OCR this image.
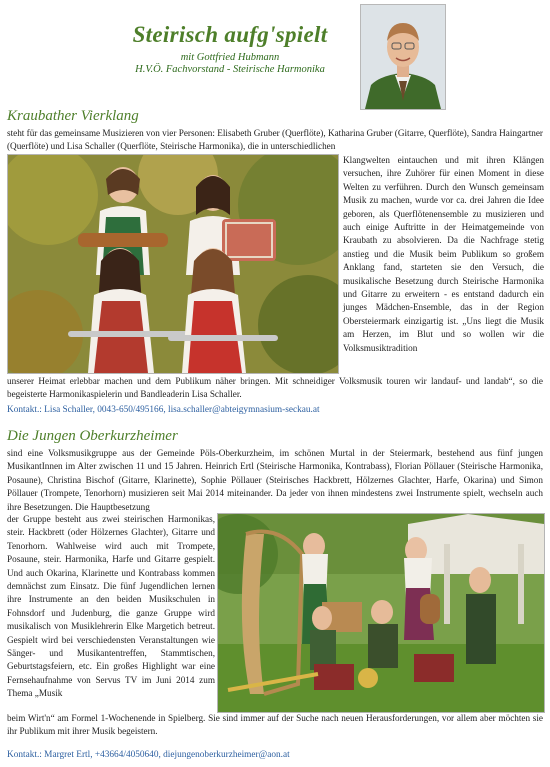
Steirisch aufg'spielt
mit Gottfried Hubmann
H.V.Ö. Fachvorstand - Steirische Harmonika
Kraubather Vierklang

steht für das gemeinsame Musizieren von vier Personen: Elisabeth Gruber (Querflöte), Katharina Gruber (Gitarre, Querflöte), Sandra Haingartner (Querflöte) und Lisa Schaller (Querflöte, Steirische Harmonika), die in unterschiedlichen

Klangwelten eintauchen und mit ihren Klängen versuchen, ihre Zuhörer für einen Moment in diese Welten zu verführen. Durch den Wunsch gemeinsam Musik zu machen, wurde vor ca. drei Jahren die Idee geboren, als Querflötenensemble zu musizieren und auch einige Auftritte in der Heimatgemeinde von Kraubath zu absolvieren. Da die Nachfrage stetig anstieg und die Musik beim Publikum so großem Anklang fand, starteten sie den Versuch, die musikalische Besetzung durch Steirische Harmonika und Gitarre zu erweitern - es entstand dadurch ein junges Mädchen-Ensemble, das in der Region Obersteiermark einzigartig ist. „Uns liegt die Musik am Herzen, im Blut und so wollen wir die Volksmusiktradition

unserer Heimat erlebbar machen und dem Publikum näher bringen. Mit schneidiger Volksmusik touren wir landauf- und landab“, so die begeisterte Harmonikaspielerin und Bandleaderin Lisa Schaller.

Kontakt.: Lisa Schaller, 0043-650/495166, lisa.schaller@abteigymnasium-seckau.at
Die Jungen Oberkurzheimer

sind eine Volksmusikgruppe aus der Gemeinde Pöls-Oberkurzheim, im schönen Murtal in der Steiermark, bestehend aus fünf jungen MusikantInnen im Alter zwischen 11 und 15 Jahren. Heinrich Ertl (Steirische Harmonika, Kontrabass), Florian Pöllauer (Steirische Harmonika, Posaune), Christina Bischof (Gitarre, Klarinette), Sophie Pöllauer (Steirisches Hackbrett, Hölzernes Glachter, Harfe, Okarina) und Simon Pöllauer (Trompete, Tenorhorn) musizieren seit Mai 2014 miteinander. Da jeder von ihnen mindestens zwei Instrumente spielt, wechseln auch ihre Besetzungen. Die Hauptbesetzung

der Gruppe besteht aus zwei steirischen Harmonikas, steir. Hackbrett (oder Hölzernes Glachter), Gitarre und Tenorhorn. Wahlweise wird auch mit Trompete, Posaune, steir. Harmonika, Harfe und Gitarre gespielt. Und auch Okarina, Klarinette und Kontrabass kommen demnächst zum Einsatz. Die fünf Jugendlichen lernen ihre Instrumente an den beiden Musikschulen in Fohnsdorf und Judenburg, die ganze Gruppe wird musikalisch von Musiklehrerin Elke Margetich betreut. Gespielt wird bei verschiedensten Veranstaltungen wie Sänger- und Musikantentreffen, Stammtischen, Geburtstagsfeiern, etc. Ein großes Highlight war eine Fernsehaufnahme von Servus TV im Juni 2014 zum Thema „Musik

beim Wirt'n“ am Formel 1-Wochenende in Spielberg. Sie sind immer auf der Suche nach neuen Herausforderungen, vor allem aber möchten sie ihr Publikum mit ihrer Musik begeistern.

Kontakt.: Margret Ertl, +43664/4050640, diejungenoberkurzheimer@aon.at
